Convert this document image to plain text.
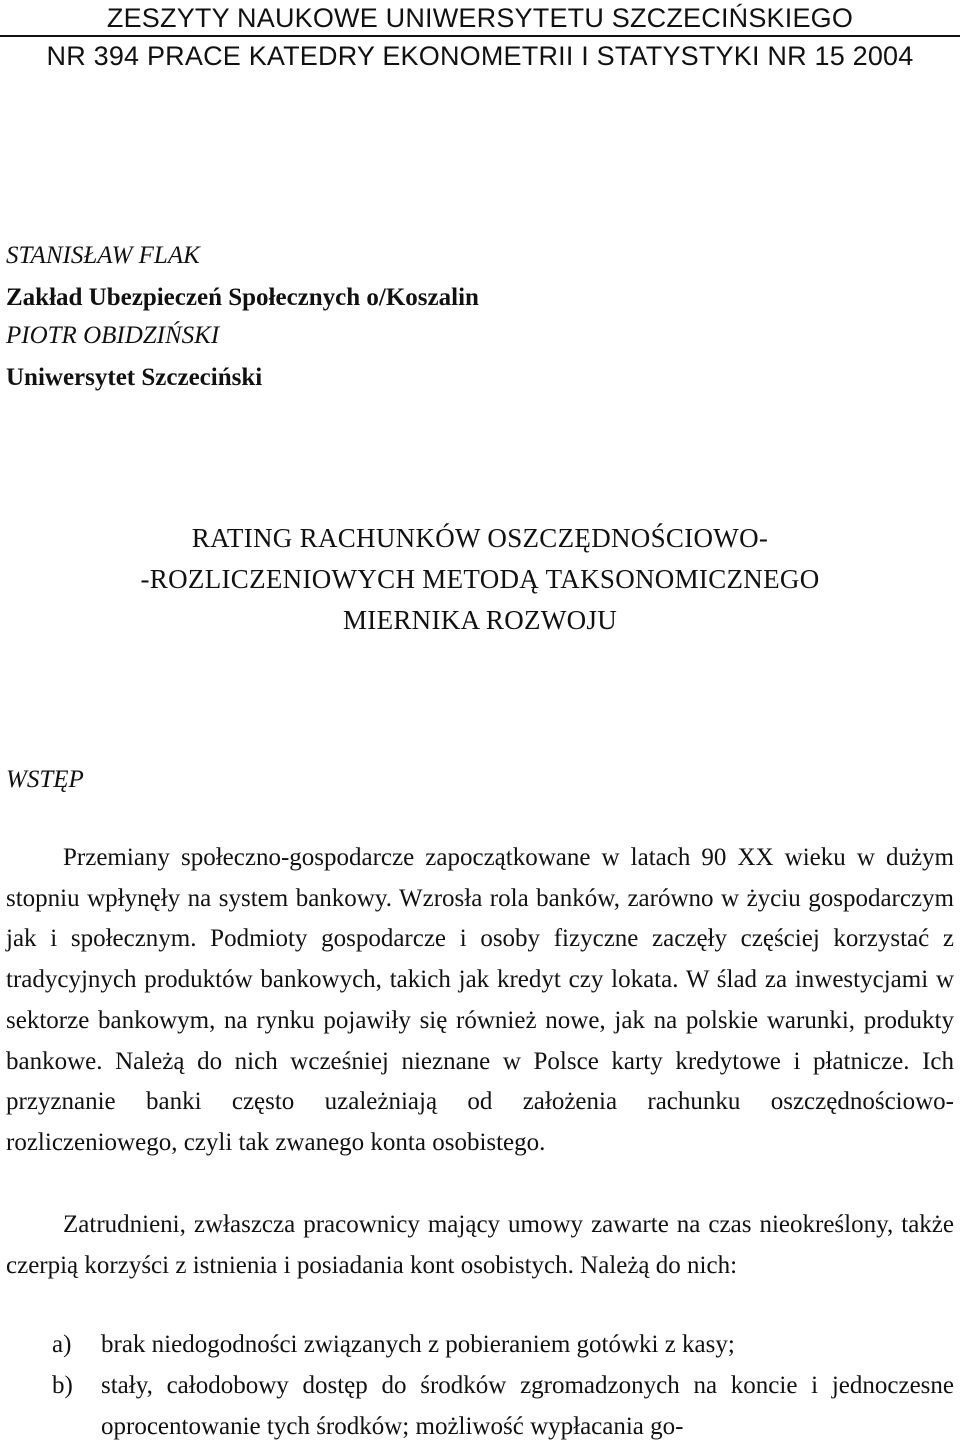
ZESZYTY NAUKOWE UNIWERSYTETU SZCZECIŃSKIEGO
NR 394 PRACE KATEDRY EKONOMETRII I STATYSTYKI NR 15 2004
STANISŁAW FLAK
Zakład Ubezpieczeń Społecznych o/Koszalin
PIOTR OBIDZIŃSKI
Uniwersytet Szczeciński
RATING RACHUNKÓW OSZCZĘDNOŚCIOWO-
-ROZLICZENIOWYCH METODĄ TAKSONOMICZNEGO
MIERNIKA ROZWOJU
WSTĘP

Przemiany społeczno-gospodarcze zapoczątkowane w latach 90 XX wieku w dużym stopniu wpłynęły na system bankowy. Wzrosła rola banków, zarówno w życiu gospodarczym jak i społecznym. Podmioty gospodarcze i osoby fizyczne zaczęły częściej korzystać z tradycyjnych produktów bankowych, takich jak kredyt czy lokata. W ślad za inwestycjami w sektorze bankowym, na rynku pojawiły się również nowe, jak na polskie warunki, produkty bankowe. Należą do nich wcześniej nieznane w Polsce karty kredytowe i płatnicze. Ich przyznanie banki często uzależniają od założenia rachunku oszczędnościowo-rozliczeniowego, czyli tak zwanego konta osobistego.

Zatrudnieni, zwłaszcza pracownicy mający umowy zawarte na czas nieokreślony, także czerpią korzyści z istnienia i posiadania kont osobistych. Należą do nich:

a) brak niedogodności związanych z pobieraniem gotówki z kasy;
b) stały, całodobowy dostęp do środków zgromadzonych na koncie i jednoczesne oprocentowanie tych środków; możliwość wypłacania go-
